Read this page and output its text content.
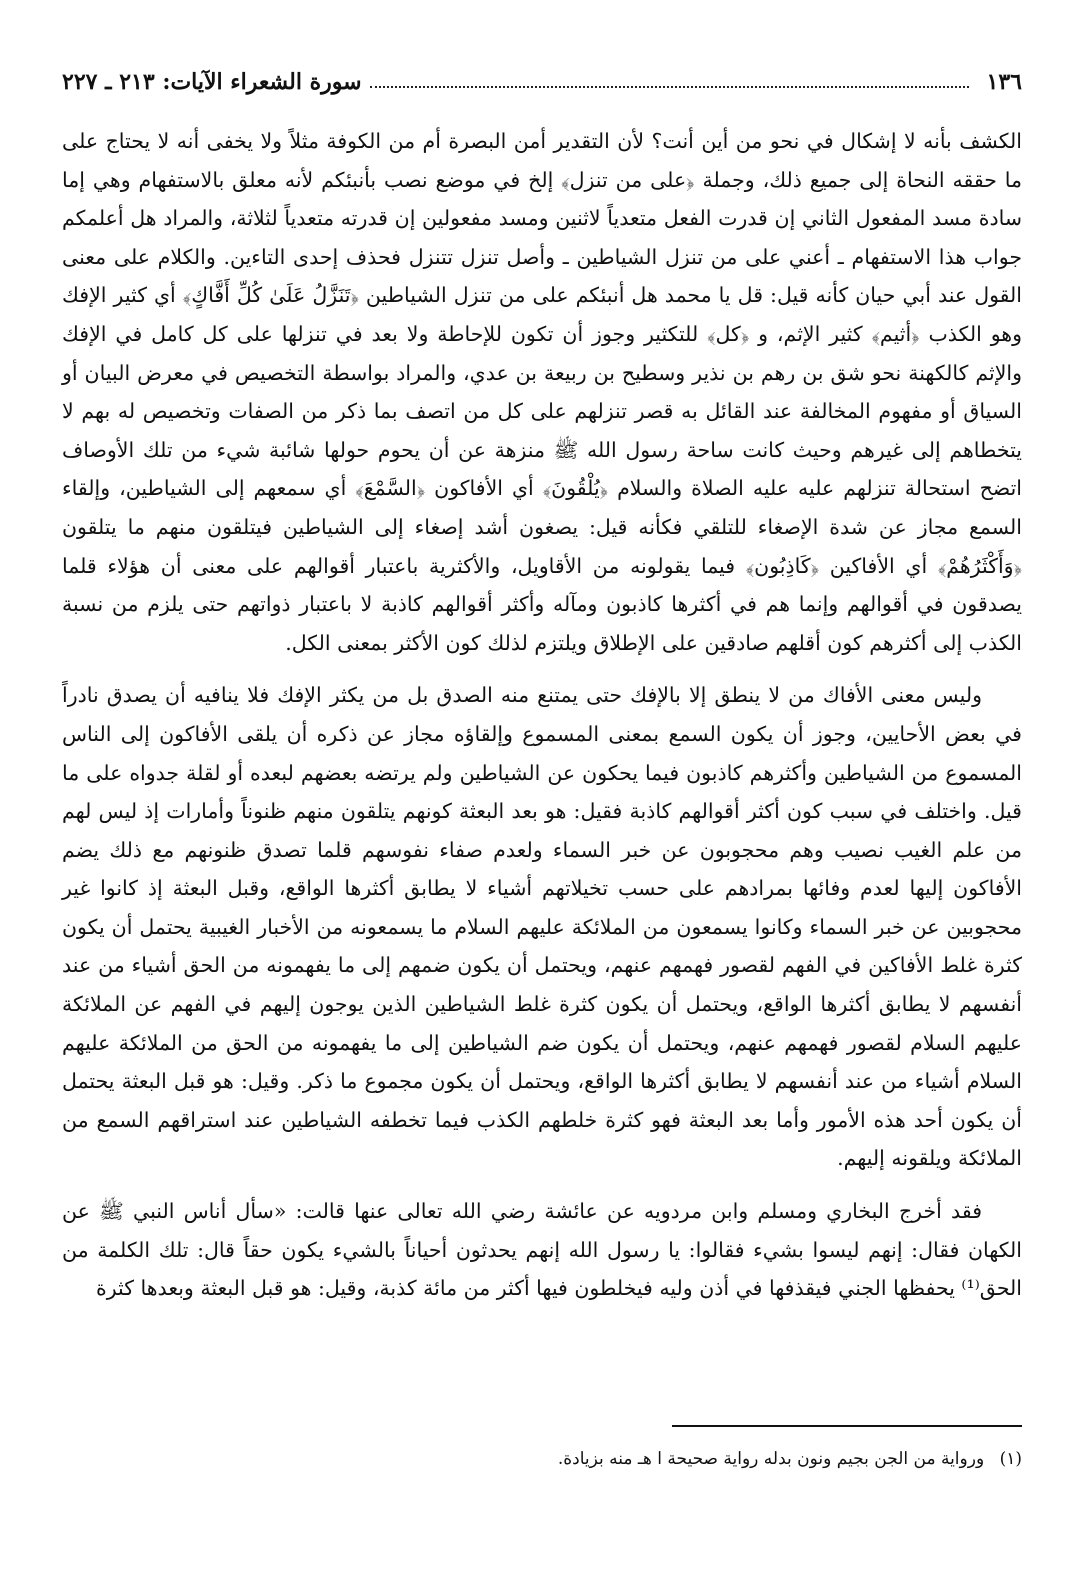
١٣٦
سورة الشعراء الآيات: ٢١٣ ـ ٢٢٧

الكشف بأنه لا إشكال في نحو من أين أنت؟ لأن التقدير أمن البصرة أم من الكوفة مثلاً ولا يخفى أنه لا يحتاج على ما حققه النحاة إلى جميع ذلك، وجملة ﴿على من تنزل﴾ إلخ في موضع نصب بأنبئكم لأنه معلق بالاستفهام وهي إما سادة مسد المفعول الثاني إن قدرت الفعل متعدياً لاثنين ومسد مفعولين إن قدرته متعدياً لثلاثة، والمراد هل أعلمكم جواب هذا الاستفهام ـ أعني على من تنزل الشياطين ـ وأصل تنزل تتنزل فحذف إحدى التاءين. والكلام على معنى القول عند أبي حيان كأنه قيل: قل يا محمد هل أنبئكم على من تنزل الشياطين ﴿تَنَزَّلُ عَلَىٰ كُلِّ أَفَّاكٍ﴾ أي كثير الإفك وهو الكذب ﴿أثيم﴾ كثير الإثم، و ﴿كل﴾ للتكثير وجوز أن تكون للإحاطة ولا بعد في تنزلها على كل كامل في الإفك والإثم كالكهنة نحو شق بن رهم بن نذير وسطيح بن ربيعة بن عدي، والمراد بواسطة التخصيص في معرض البيان أو السياق أو مفهوم المخالفة عند القائل به قصر تنزلهم على كل من اتصف بما ذكر من الصفات وتخصيص له بهم لا يتخطاهم إلى غيرهم وحيث كانت ساحة رسول الله ﷺ منزهة عن أن يحوم حولها شائبة شيء من تلك الأوصاف اتضح استحالة تنزلهم عليه عليه الصلاة والسلام ﴿يُلْقُونَ﴾ أي الأفاكون ﴿السَّمْعَ﴾ أي سمعهم إلى الشياطين، وإلقاء السمع مجاز عن شدة الإصغاء للتلقي فكأنه قيل: يصغون أشد إصغاء إلى الشياطين فيتلقون منهم ما يتلقون ﴿وَأَكْثَرُهُمْ﴾ أي الأفاكين ﴿كَاذِبُون﴾ فيما يقولونه من الأقاويل، والأكثرية باعتبار أقوالهم على معنى أن هؤلاء قلما يصدقون في أقوالهم وإنما هم في أكثرها كاذبون ومآله وأكثر أقوالهم كاذبة لا باعتبار ذواتهم حتى يلزم من نسبة الكذب إلى أكثرهم كون أقلهم صادقين على الإطلاق ويلتزم لذلك كون الأكثر بمعنى الكل.

وليس معنى الأفاك من لا ينطق إلا بالإفك حتى يمتنع منه الصدق بل من يكثر الإفك فلا ينافيه أن يصدق نادراً في بعض الأحايين، وجوز أن يكون السمع بمعنى المسموع وإلقاؤه مجاز عن ذكره أن يلقى الأفاكون إلى الناس المسموع من الشياطين وأكثرهم كاذبون فيما يحكون عن الشياطين ولم يرتضه بعضهم لبعده أو لقلة جدواه على ما قيل. واختلف في سبب كون أكثر أقوالهم كاذبة فقيل: هو بعد البعثة كونهم يتلقون منهم ظنوناً وأمارات إذ ليس لهم من علم الغيب نصيب وهم محجوبون عن خبر السماء ولعدم صفاء نفوسهم قلما تصدق ظنونهم مع ذلك يضم الأفاكون إليها لعدم وفائها بمرادهم على حسب تخيلاتهم أشياء لا يطابق أكثرها الواقع، وقبل البعثة إذ كانوا غير محجوبين عن خبر السماء وكانوا يسمعون من الملائكة عليهم السلام ما يسمعونه من الأخبار الغيبية يحتمل أن يكون كثرة غلط الأفاكين في الفهم لقصور فهمهم عنهم، ويحتمل أن يكون ضمهم إلى ما يفهمونه من الحق أشياء من عند أنفسهم لا يطابق أكثرها الواقع، ويحتمل أن يكون كثرة غلط الشياطين الذين يوجون إليهم في الفهم عن الملائكة عليهم السلام لقصور فهمهم عنهم، ويحتمل أن يكون ضم الشياطين إلى ما يفهمونه من الحق من الملائكة عليهم السلام أشياء من عند أنفسهم لا يطابق أكثرها الواقع، ويحتمل أن يكون مجموع ما ذكر. وقيل: هو قبل البعثة يحتمل أن يكون أحد هذه الأمور وأما بعد البعثة فهو كثرة خلطهم الكذب فيما تخطفه الشياطين عند استراقهم السمع من الملائكة ويلقونه إليهم.

فقد أخرج البخاري ومسلم وابن مردويه عن عائشة رضي الله تعالى عنها قالت: «سأل أناس النبي ﷺ عن الكهان فقال: إنهم ليسوا بشيء فقالوا: يا رسول الله إنهم يحدثون أحياناً بالشيء يكون حقاً قال: تلك الكلمة من الحق⁽¹⁾ يحفظها الجني فيقذفها في أذن وليه فيخلطون فيها أكثر من مائة كذبة، وقيل: هو قبل البعثة وبعدها كثرة

(١) ورواية من الجن بجيم ونون بدله رواية صحيحة ا هـ منه بزيادة.
